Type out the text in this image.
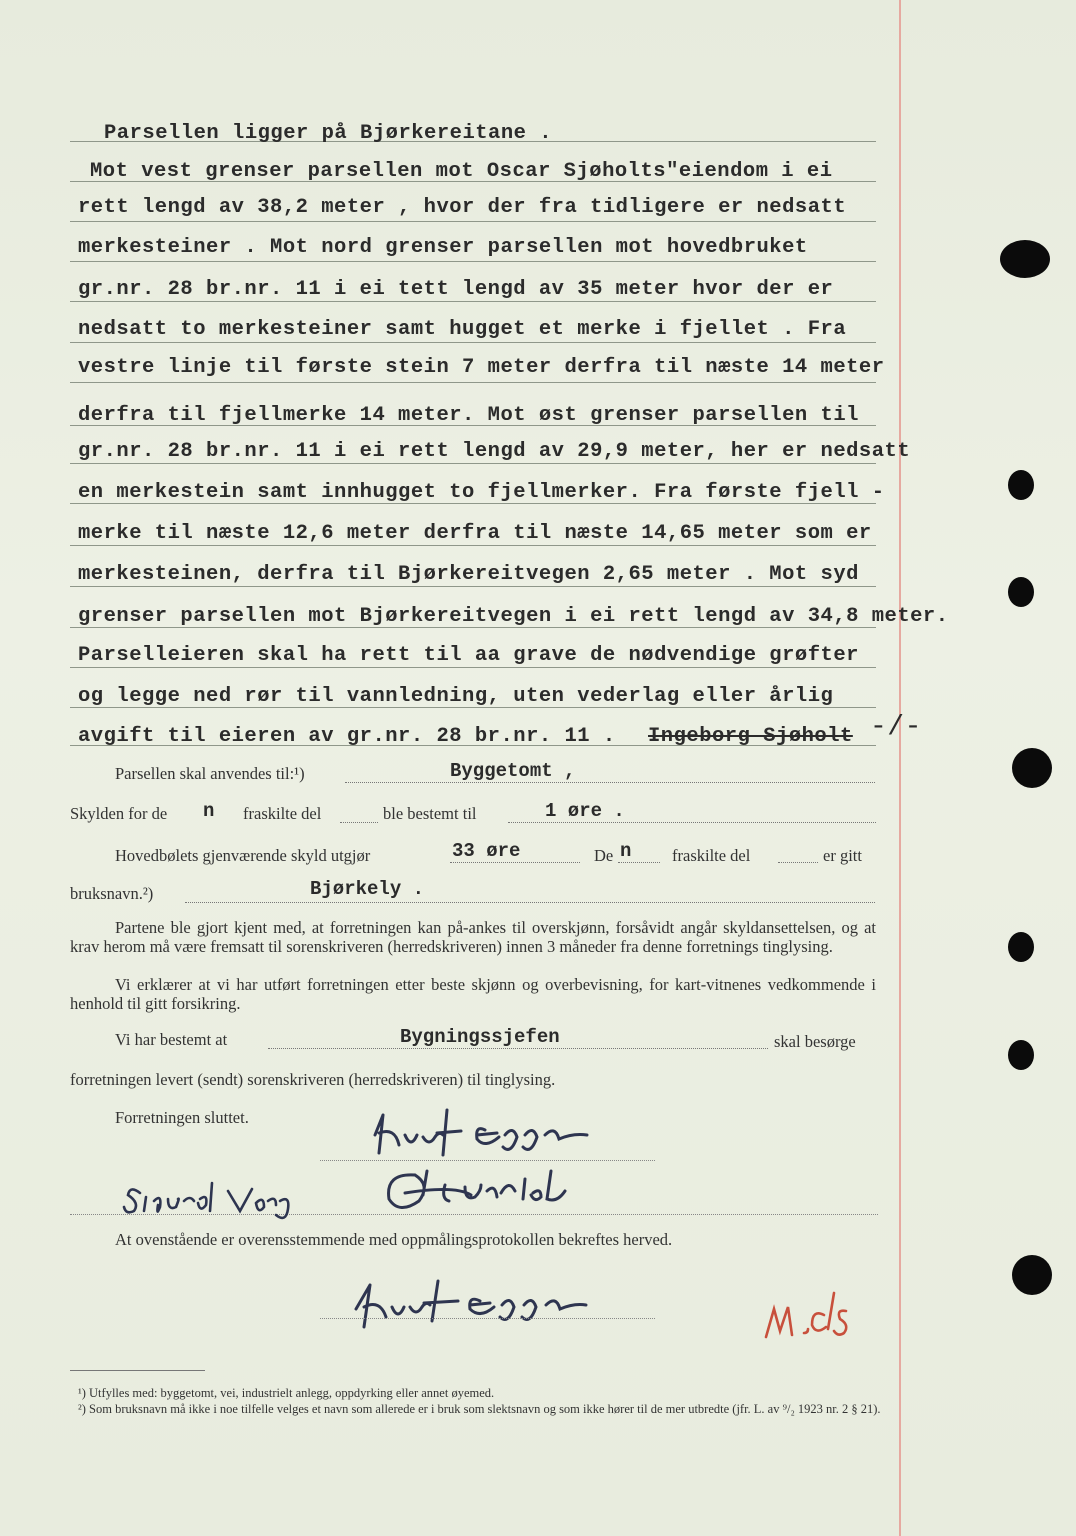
Parsellen ligger på Bjørkereitane .
Mot vest grenser parsellen mot Oscar Sjøholts"eiendom i ei
rett lengd av 38,2 meter , hvor der fra tidligere er nedsatt
merkesteiner . Mot nord grenser parsellen mot hovedbruket
gr.nr. 28 br.nr. 11 i ei tett lengd av 35 meter hvor der er
nedsatt to merkesteiner samt hugget et merke i fjellet . Fra
vestre linje til første stein 7 meter derfra til næste 14 meter
derfra til fjellmerke 14 meter. Mot øst grenser parsellen til
gr.nr. 28 br.nr. 11 i ei rett lengd av 29,9 meter, her er nedsatt
en merkestein samt innhugget to fjellmerker. Fra første fjell -
merke til næste 12,6 meter derfra til næste 14,65 meter som er
merkesteinen, derfra til Bjørkereitvegen 2,65 meter . Mot syd
grenser parsellen mot Bjørkereitvegen i ei rett lengd av 34,8 meter.
Parselleieren skal ha rett til aa grave de nødvendige grøfter
og legge ned rør til vannledning, uten vederlag eller årlig
avgift til eieren av gr.nr. 28 br.nr. 11 . Ingeborg Sjøholt -/-
Parsellen skal anvendes til:¹)	Byggetomt ,
Skylden for de n fraskilte del	ble bestemt til	1 øre .
Hovedbølets gjenværende skyld utgjør	33 øre	De n fraskilte del	er gitt
bruksnavn.²)	Bjørkely .
Partene ble gjort kjent med, at forretningen kan på-ankes til overskjønn, forsåvidt angår skyldansettelsen, og at krav herom må være fremsatt til sorenskriveren (herredskriveren) innen 3 måneder fra denne forretnings tinglysing.
Vi erklærer at vi har utført forretningen etter beste skjønn og overbevisning, for kart-vitnenes vedkommende i henhold til gitt forsikring.
Vi har bestemt at	Bygningssjefen	skal besørge
forretningen levert (sendt) sorenskriveren (herredskriveren) til tinglysing.
Forretningen sluttet.
At ovenstående er overensstemmende med oppmålingsprotokollen bekreftes herved.
¹) Utfylles med: byggetomt, vei, industrielt anlegg, oppdyrking eller annet øyemed.
²) Som bruksnavn må ikke i noe tilfelle velges et navn som allerede er i bruk som slektsnavn og som ikke hører til de mer utbredte (jfr. L. av ⁹/₂ 1923 nr. 2 § 21).
